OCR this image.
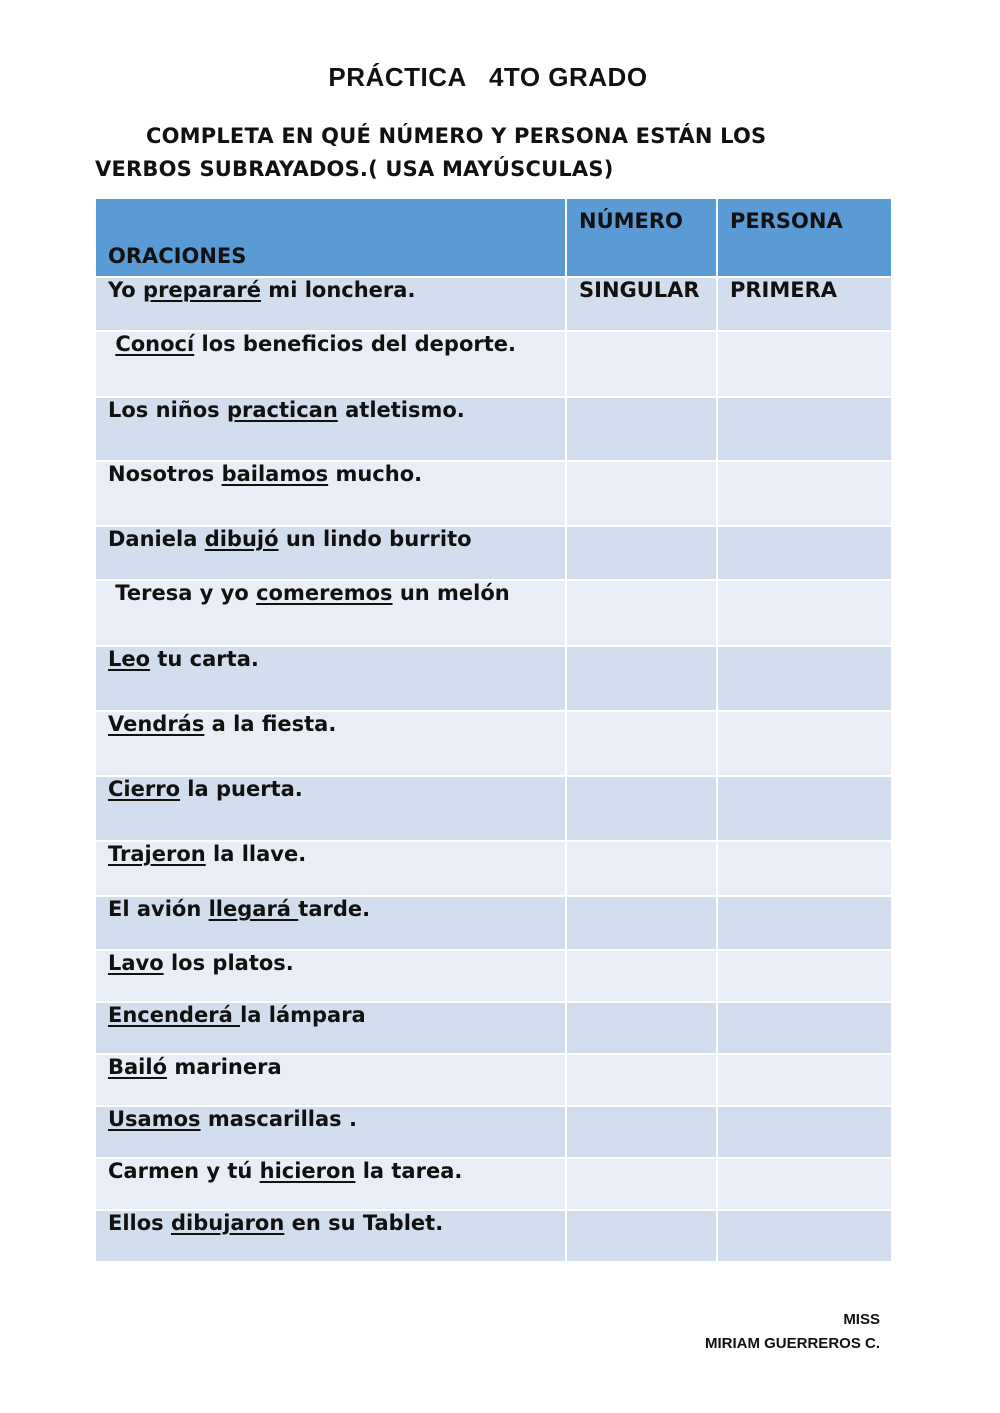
PRÁCTICA   4TO GRADO
COMPLETA EN QUÉ NÚMERO Y PERSONA ESTÁN LOS
VERBOS SUBRAYADOS.( USA MAYÚSCULAS)
ORACIONES	NÚMERO	PERSONA
Yo prepararé mi lonchera.	SINGULAR	PRIMERA
Conocí los beneficios del deporte.		
Los niños practican atletismo.		
Nosotros bailamos mucho.		
Daniela dibujó un lindo burrito		
Teresa y yo comeremos un melón		
Leo tu carta.		
Vendrás a la fiesta.		
Cierro la puerta.		
Trajeron la llave.		
El avión llegará tarde.		
Lavo los platos.		
Encenderá la lámpara		
Bailó marinera		
Usamos mascarillas .		
Carmen y tú hicieron la tarea.		
Ellos dibujaron en su Tablet.		
MISS
MIRIAM GUERREROS C.
